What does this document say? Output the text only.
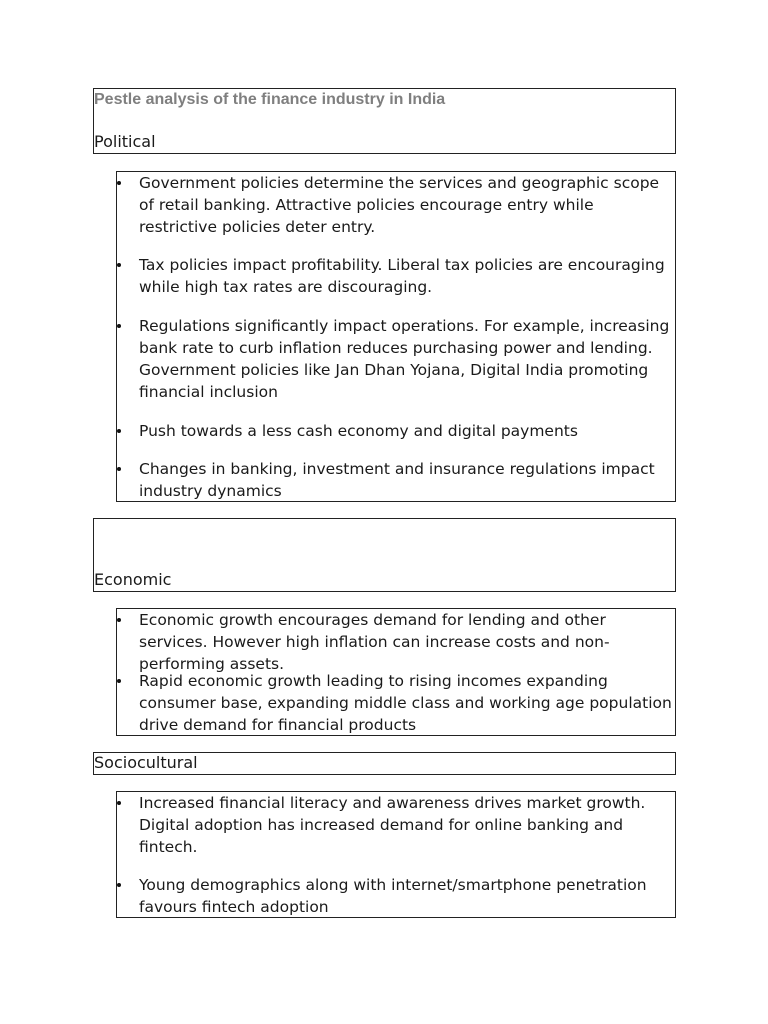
Pestle analysis of the finance industry in India
Political
Government policies determine the services and geographic scope of retail banking. Attractive policies encourage entry while restrictive policies deter entry.
Tax policies impact profitability. Liberal tax policies are encouraging while high tax rates are discouraging.
Regulations significantly impact operations. For example, increasing bank rate to curb inflation reduces purchasing power and lending. Government policies like Jan Dhan Yojana, Digital India promoting financial inclusion
Push towards a less cash economy and digital payments
Changes in banking, investment and insurance regulations impact industry dynamics
Economic
Economic growth encourages demand for lending and other services. However high inflation can increase costs and non-performing assets.
Rapid economic growth leading to rising incomes expanding consumer base, expanding middle class and working age population drive demand for financial products
Sociocultural
Increased financial literacy and awareness drives market growth. Digital adoption has increased demand for online banking and fintech.
Young demographics along with internet/smartphone penetration favours fintech adoption
